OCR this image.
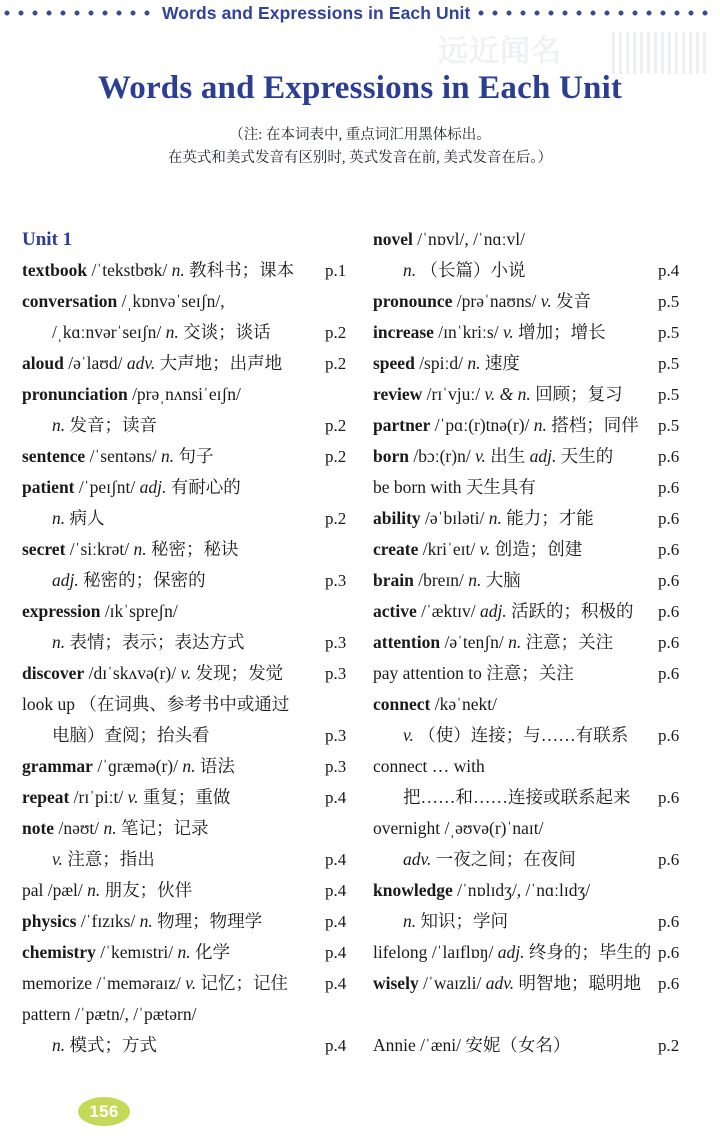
Words and Expressions in Each Unit
远近闻名
Words and Expressions in Each Unit
（注: 在本词表中, 重点词汇用黑体标出。
在英式和美式发音有区别时, 英式发音在前, 美式发音在后。）
Unit 1
textbook /ˈtekstbʊk/ n. 教科书；课本 p.1
conversation /ˌkɒnvəˈseɪʃn/,
/ˌkɑːnvərˈseɪʃn/ n. 交谈；谈话	p.2
aloud /əˈlaʊd/ adv. 大声地；出声地	p.2
pronunciation /prəˌnʌnsiˈeɪʃn/
n. 发音；读音	p.2
sentence /ˈsentəns/ n. 句子	p.2
patient /ˈpeɪʃnt/ adj. 有耐心的
n. 病人	p.2
secret /ˈsiːkrət/ n. 秘密；秘诀
adj. 秘密的；保密的	p.3
expression /ɪkˈspreʃn/
n. 表情；表示；表达方式	p.3
discover /dɪˈskʌvə(r)/ v. 发现；发觉 p.3
look up （在词典、参考书中或通过
电脑）查阅；抬头看	p.3
grammar /ˈɡræmə(r)/ n. 语法	p.3
repeat /rɪˈpiːt/ v. 重复；重做	p.4
note /nəʊt/ n. 笔记；记录
v. 注意；指出	p.4
pal /pæl/ n. 朋友；伙伴	p.4
physics /ˈfɪzɪks/ n. 物理；物理学	p.4
chemistry /ˈkemɪstri/ n. 化学	p.4
memorize /ˈmeməraɪz/ v. 记忆；记住 p.4
pattern /ˈpætn/, /ˈpætərn/
n. 模式；方式	p.4
novel /ˈnɒvl/, /ˈnɑːvl/
n. （长篇）小说	p.4
pronounce /prəˈnaʊns/ v. 发音	p.5
increase /ɪnˈkriːs/ v. 增加；增长	p.5
speed /spiːd/ n. 速度	p.5
review /rɪˈvjuː/ v. & n. 回顾；复习 p.5
partner /ˈpɑː(r)tnə(r)/ n. 搭档；同伴 p.5
born /bɔː(r)n/ v. 出生 adj. 天生的	p.6
be born with 天生具有	p.6
ability /əˈbɪləti/ n. 能力；才能	p.6
create /kriˈeɪt/ v. 创造；创建	p.6
brain /breɪn/ n. 大脑	p.6
active /ˈæktɪv/ adj. 活跃的；积极的 p.6
attention /əˈtenʃn/ n. 注意；关注	p.6
pay attention to 注意；关注	p.6
connect /kəˈnekt/
v. （使）连接；与……有联系 p.6
connect … with
把……和……连接或联系起来 p.6
overnight /ˌəʊvə(r)ˈnaɪt/
adv. 一夜之间；在夜间	p.6
knowledge /ˈnɒlɪdʒ/, /ˈnɑːlɪdʒ/
n. 知识；学问	p.6
lifelong /ˈlaɪflɒŋ/ adj. 终身的；毕生的 p.6
wisely /ˈwaɪzli/ adv. 明智地；聪明地 p.6
Annie /ˈæni/ 安妮（女名）	p.2
156
